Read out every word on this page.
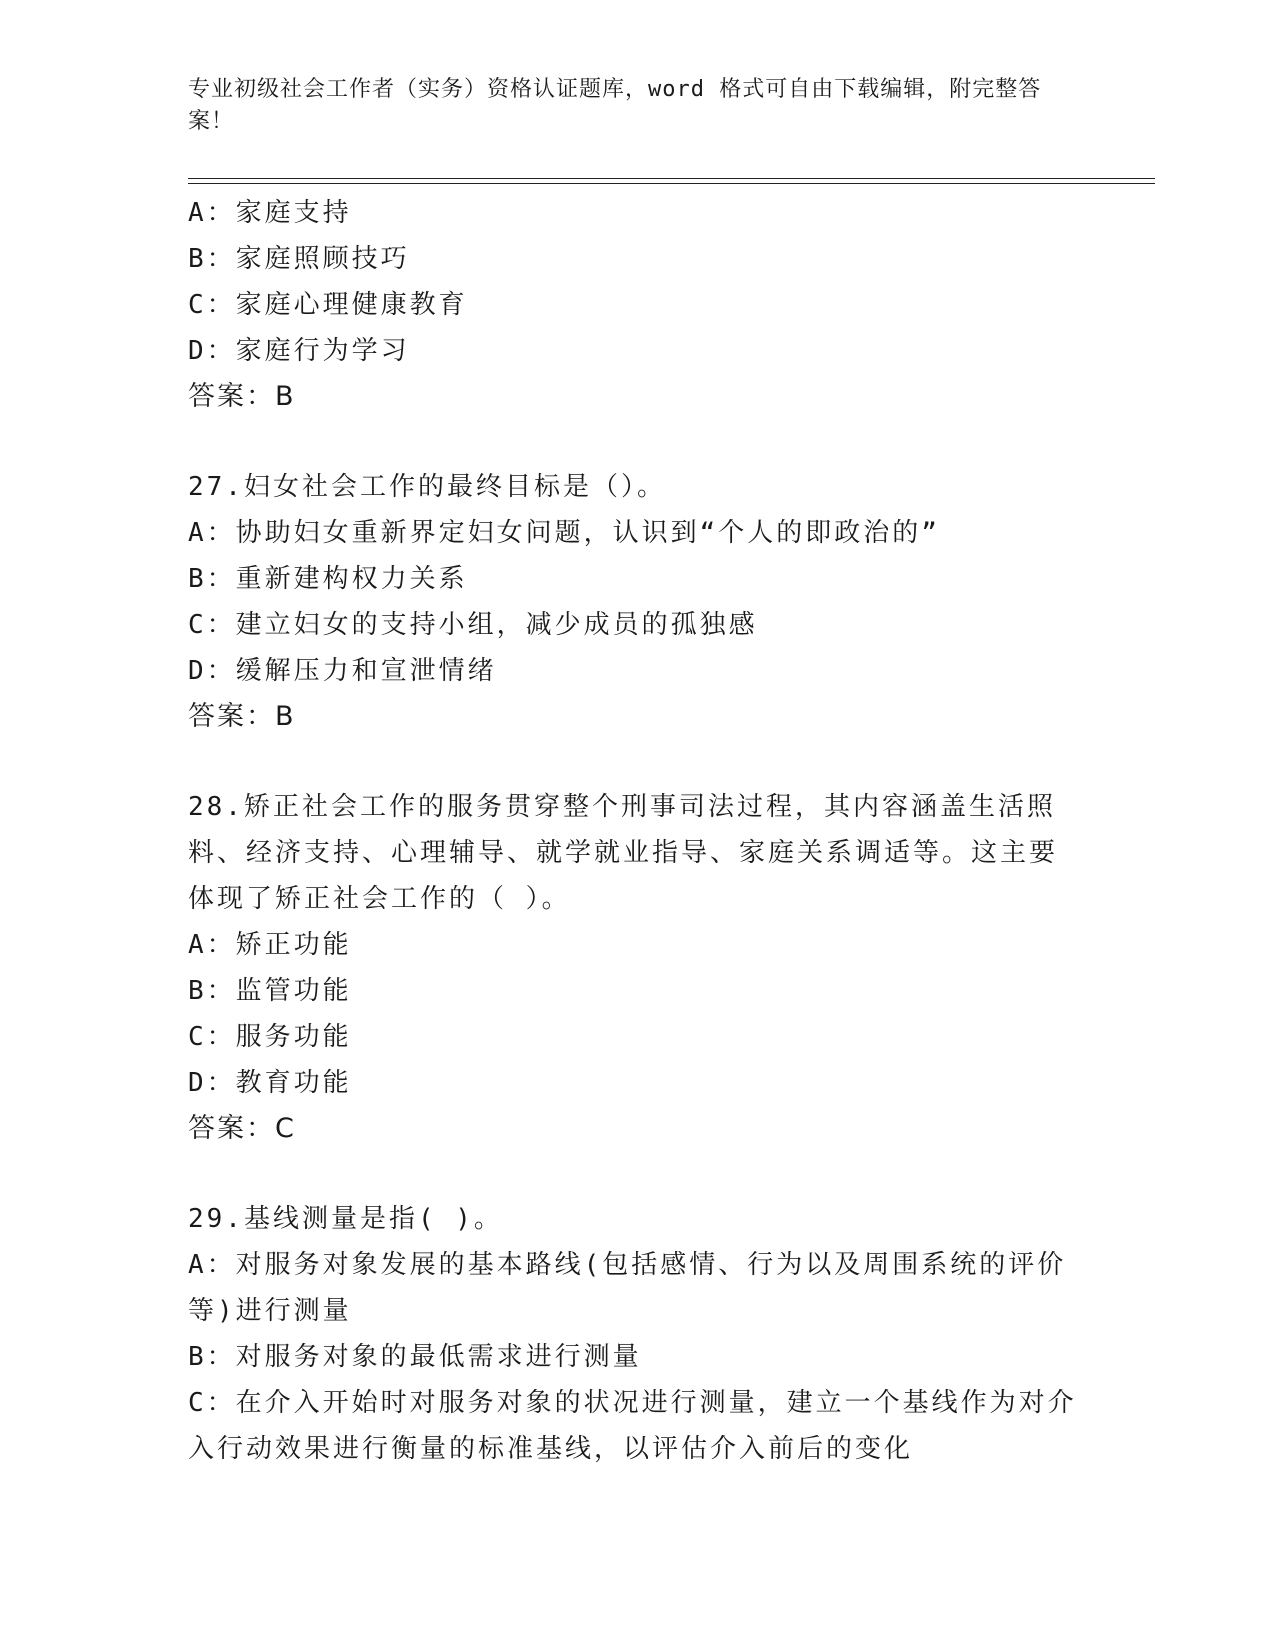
专业初级社会工作者（实务）资格认证题库，word 格式可自由下载编辑，附完整答案！

A：家庭支持

B：家庭照顾技巧

C：家庭心理健康教育

D：家庭行为学习

答案：B

27.妇女社会工作的最终目标是（）。

A：协助妇女重新界定妇女问题，认识到“个人的即政治的”

B：重新建构权力关系

C：建立妇女的支持小组，减少成员的孤独感

D：缓解压力和宣泄情绪

答案：B

28.矫正社会工作的服务贯穿整个刑事司法过程，其内容涵盖生活照料、经济支持、心理辅导、就学就业指导、家庭关系调适等。这主要体现了矫正社会工作的（ ）。

A：矫正功能

B：监管功能

C：服务功能

D：教育功能

答案：C

29.基线测量是指( )。

A：对服务对象发展的基本路线(包括感情、行为以及周围系统的评价等)进行测量

B：对服务对象的最低需求进行测量

C：在介入开始时对服务对象的状况进行测量，建立一个基线作为对介入行动效果进行衡量的标准基线，以评估介入前后的变化
